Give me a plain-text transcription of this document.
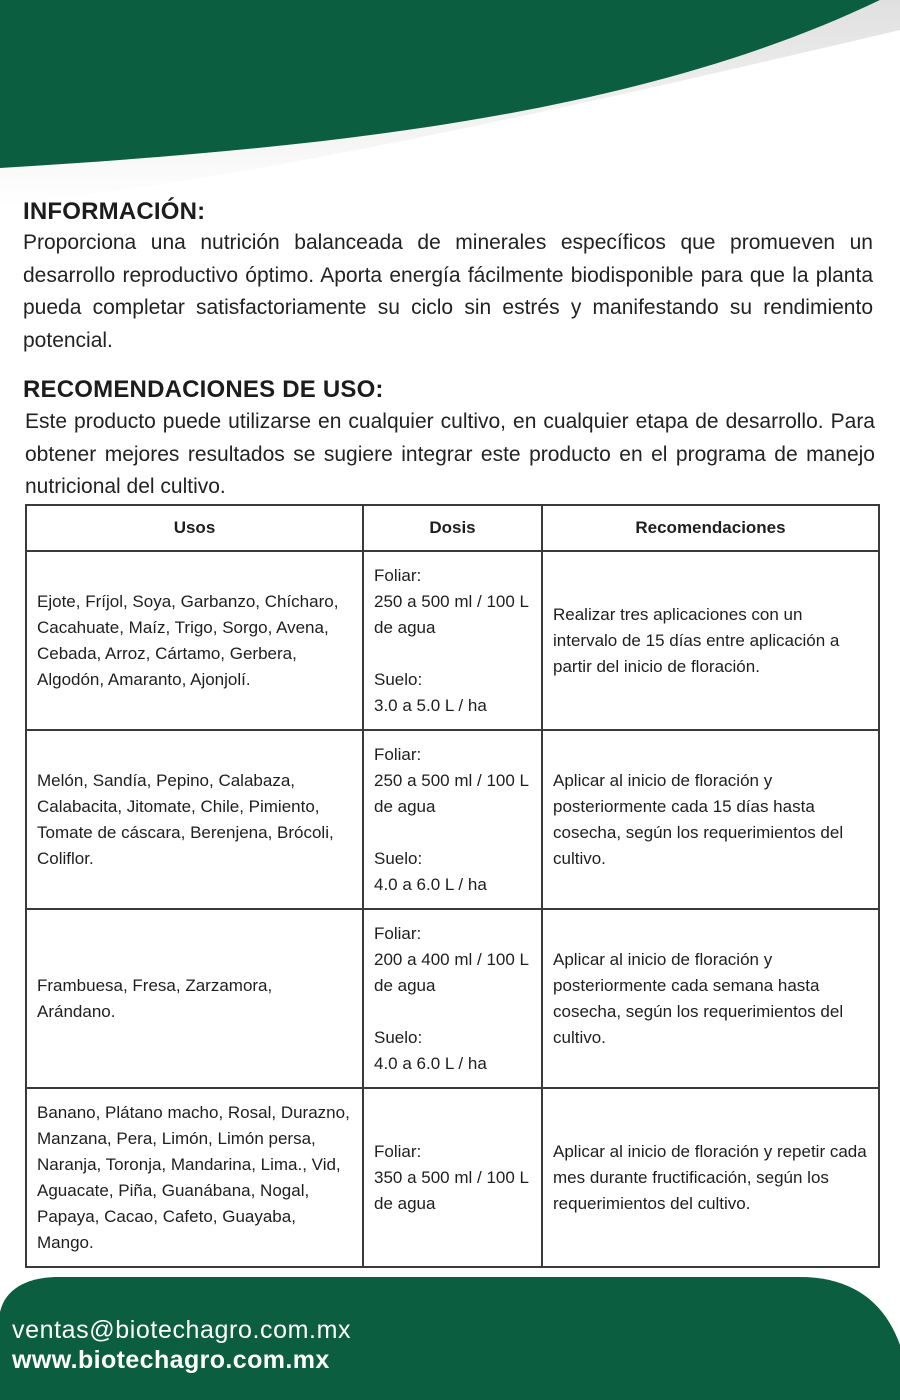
INFORMACIÓN:

Proporciona una nutrición balanceada de minerales específicos que promueven un desarrollo reproductivo óptimo. Aporta energía fácilmente biodisponible para que la planta pueda completar satisfactoriamente su ciclo sin estrés y manifestando su rendimiento potencial.

RECOMENDACIONES DE USO:

Este producto puede utilizarse en cualquier cultivo, en cualquier etapa de desarrollo. Para obtener mejores resultados se sugiere integrar este producto en el programa de manejo nutricional del cultivo.

Usos	Dosis	Recomendaciones
Ejote, Fríjol, Soya, Garbanzo, Chícharo, Cacahuate, Maíz, Trigo, Sorgo, Avena, Cebada, Arroz, Cártamo, Gerbera, Algodón, Amaranto, Ajonjolí.	Foliar:
250 a 500 ml / 100 L de agua

Suelo:
3.0 a 5.0 L / ha	Realizar tres aplicaciones con un intervalo de 15 días entre aplicación a partir del inicio de floración.
Melón, Sandía, Pepino, Calabaza, Calabacita, Jitomate, Chile, Pimiento, Tomate de cáscara, Berenjena, Brócoli, Coliflor.	Foliar:
250 a 500 ml / 100 L de agua

Suelo:
4.0 a 6.0 L / ha	Aplicar al inicio de floración y posteriormente cada 15 días hasta cosecha, según los requerimientos del cultivo.
Frambuesa, Fresa, Zarzamora, Arándano.	Foliar:
200 a 400 ml / 100 L de agua

Suelo:
4.0 a 6.0 L / ha	Aplicar al inicio de floración y posteriormente cada semana hasta cosecha, según los requerimientos del cultivo.
Banano, Plátano macho, Rosal, Durazno, Manzana, Pera, Limón, Limón persa, Naranja, Toronja, Mandarina, Lima., Vid, Aguacate, Piña, Guanábana, Nogal, Papaya, Cacao, Cafeto, Guayaba, Mango.	Foliar:
350 a 500 ml / 100 L de agua	Aplicar al inicio de floración y repetir cada mes durante fructificación, según los requerimientos del cultivo.
ventas@biotechagro.com.mx
www.biotechagro.com.mx
